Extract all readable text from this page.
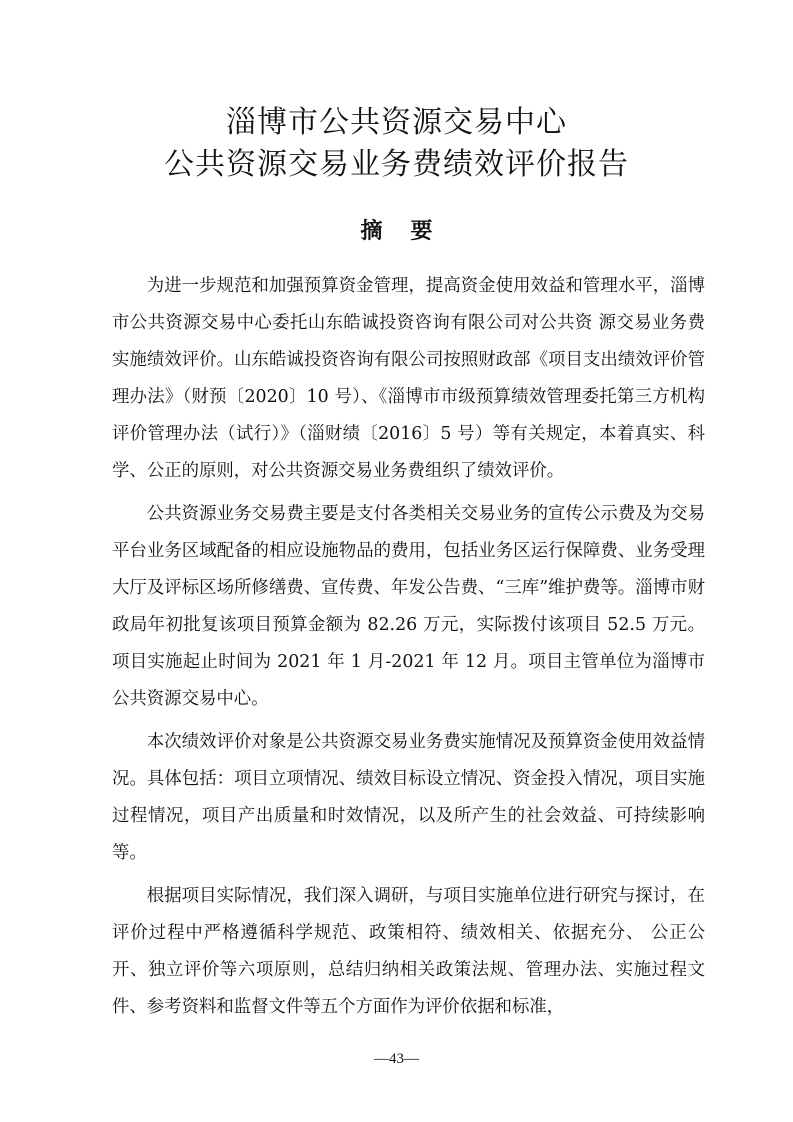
淄博市公共资源交易中心
公共资源交易业务费绩效评价报告
摘要

为进一步规范和加强预算资金管理，提高资金使用效益和管理水平，淄博市公共资源交易中心委托山东皓诚投资咨询有限公司对公共资 源交易业务费实施绩效评价。山东皓诚投资咨询有限公司按照财政部《项目支出绩效评价管理办法》（财预〔2020〕10 号）、《淄博市市级预算绩效管理委托第三方机构评价管理办法（试行）》（淄财绩〔2016〕5 号）等有关规定，本着真实、科学、公正的原则，对公共资源交易业务费组织了绩效评价。

公共资源业务交易费主要是支付各类相关交易业务的宣传公示费及为交易平台业务区域配备的相应设施物品的费用，包括业务区运行保障费、业务受理大厅及评标区场所修缮费、宣传费、年发公告费、“三库”维护费等。淄博市财政局年初批复该项目预算金额为 82.26 万元，实际拨付该项目 52.5 万元。项目实施起止时间为 2021 年 1 月-2021 年 12 月。项目主管单位为淄博市公共资源交易中心。

本次绩效评价对象是公共资源交易业务费实施情况及预算资金使用效益情况。具体包括：项目立项情况、绩效目标设立情况、资金投入情况，项目实施过程情况，项目产出质量和时效情况，以及所产生的社会效益、可持续影响等。

根据项目实际情况，我们深入调研，与项目实施单位进行研究与探讨，在评价过程中严格遵循科学规范、政策相符、绩效相关、依据充分、 公正公开、独立评价等六项原则，总结归纳相关政策法规、管理办法、实施过程文件、参考资料和监督文件等五个方面作为评价依据和标准，

—43—
